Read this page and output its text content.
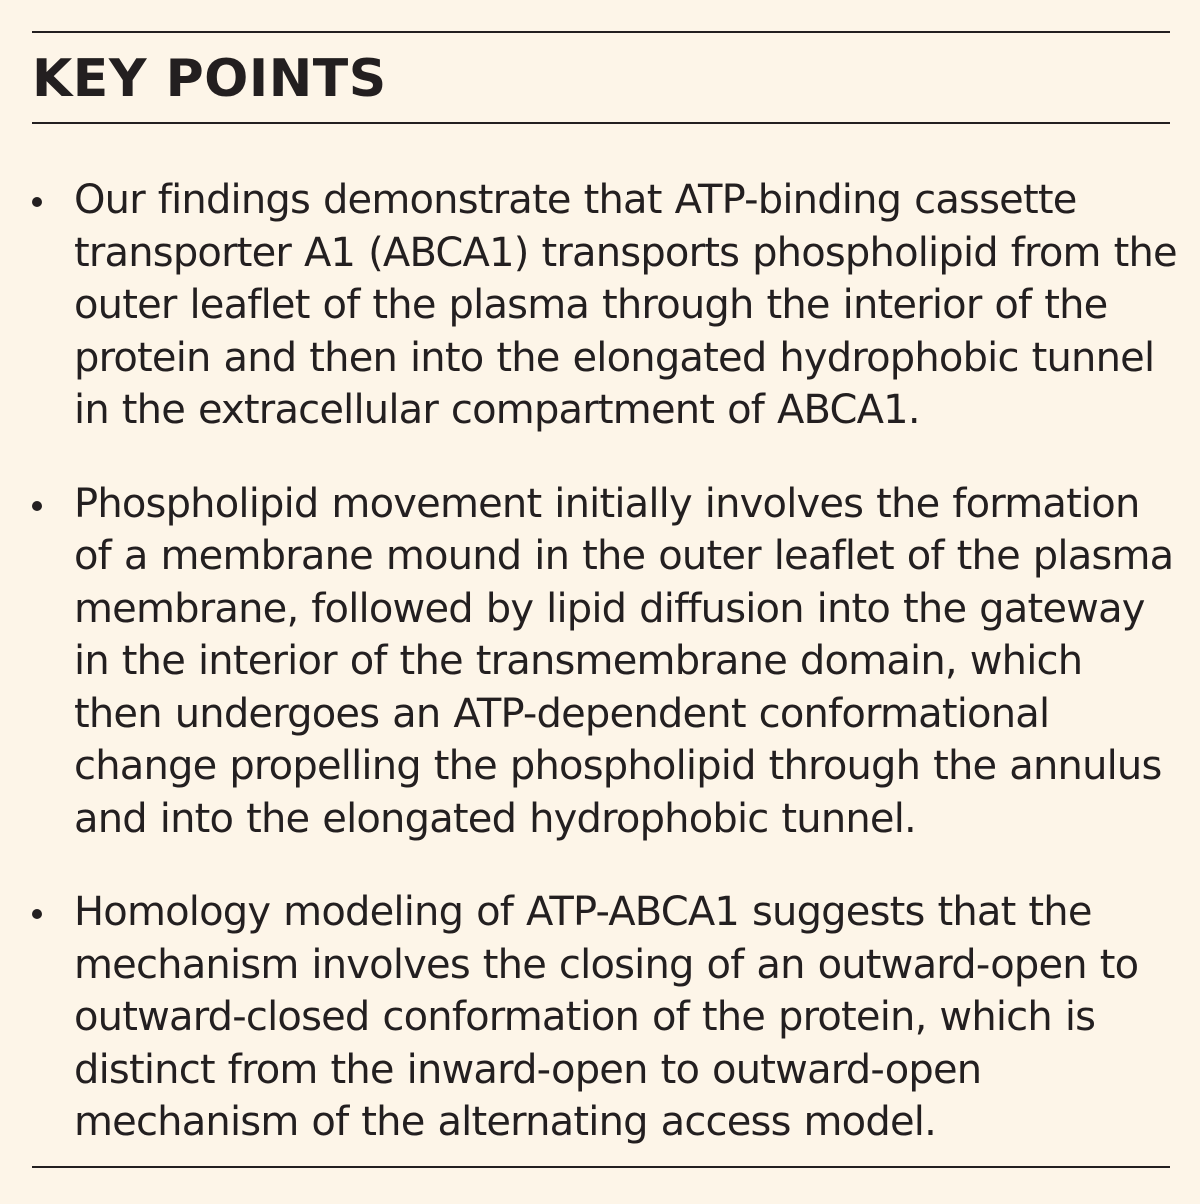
KEY POINTS
Our findings demonstrate that ATP-binding cassette transporter A1 (ABCA1) transports phospholipid from the outer leaflet of the plasma through the interior of the protein and then into the elongated hydrophobic tunnel in the extracellular compartment of ABCA1.
Phospholipid movement initially involves the formation of a membrane mound in the outer leaflet of the plasma membrane, followed by lipid diffusion into the gateway in the interior of the transmembrane domain, which then undergoes an ATP-dependent conformational change propelling the phospholipid through the annulus and into the elongated hydrophobic tunnel.
Homology modeling of ATP-ABCA1 suggests that the mechanism involves the closing of an outward-open to outward-closed conformation of the protein, which is distinct from the inward-open to outward-open mechanism of the alternating access model.
